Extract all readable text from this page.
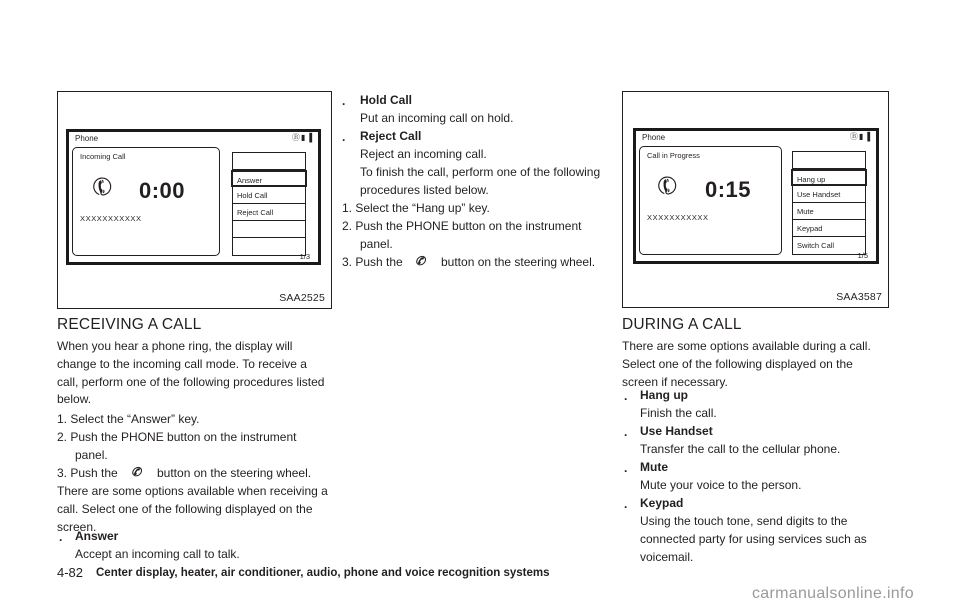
Phone	Ⓑ ▮ ▐
Incoming Call
✆ 0:00
XXXXXXXXXXX
Answer
Hold Call
Reject Call
1/3
SAA2525
Phone	Ⓑ ▮ ▐
Call in Progress
✆ 0:15
XXXXXXXXXXX
Hang up
Use Handset
Mute
Keypad
Switch Call
1/5
SAA3587
RECEIVING A CALL
When you hear a phone ring, the display will change to the incoming call mode. To receive a call, perform one of the following procedures listed below.
1. Select the “Answer” key.
2. Push the PHONE button on the instrument
panel.
3. Push the ✆ button on the steering wheel.
There are some options available when receiving a call. Select one of the following displayed on the screen.
. Answer
Accept an incoming call to talk.
. Hold Call
Put an incoming call on hold.
. Reject Call
Reject an incoming call.
To finish the call, perform one of the following procedures listed below.
1. Select the “Hang up” key.
2. Push the PHONE button on the instrument
panel.
3. Push the ✆ button on the steering wheel.
DURING A CALL
There are some options available during a call. Select one of the following displayed on the screen if necessary.
. Hang up
Finish the call.
. Use Handset
Transfer the call to the cellular phone.
. Mute
Mute your voice to the person.
. Keypad
Using the touch tone, send digits to the connected party for using services such as voicemail.
4-82 Center display, heater, air conditioner, audio, phone and voice recognition systems
carmanualsonline.info
